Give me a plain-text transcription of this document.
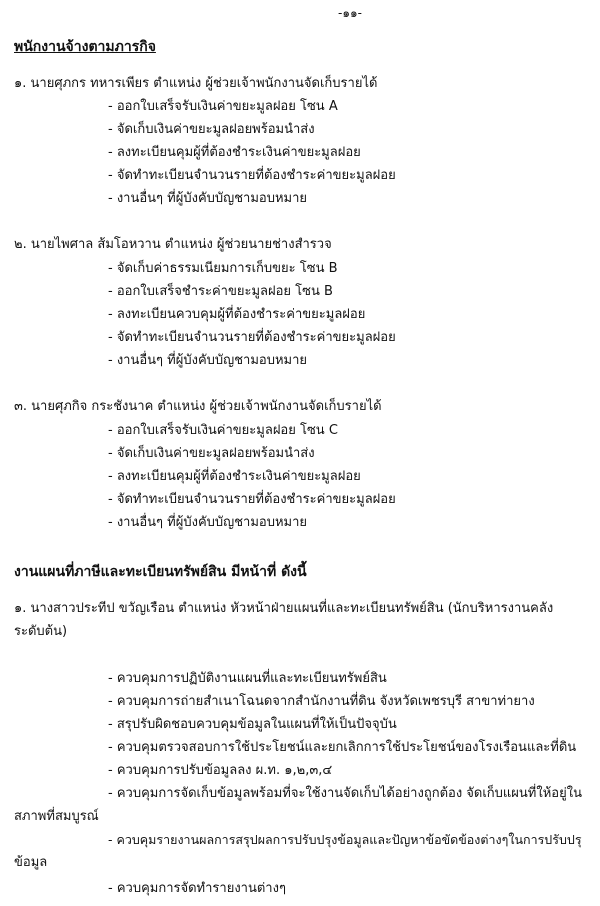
-๑๑-
พนักงานจ้างตามภารกิจ
๑. นายศุภกร ทหารเพียร ตำแหน่ง ผู้ช่วยเจ้าพนักงานจัดเก็บรายได้
- ออกใบเสร็จรับเงินค่าขยะมูลฝอย โซน A
- จัดเก็บเงินค่าขยะมูลฝอยพร้อมนำส่ง
- ลงทะเบียนคุมผู้ที่ต้องชำระเงินค่าขยะมูลฝอย
- จัดทำทะเบียนจำนวนรายที่ต้องชำระค่าขยะมูลฝอย
- งานอื่นๆ ที่ผู้บังคับบัญชามอบหมาย
๒. นายไพศาล ส้มโอหวาน ตำแหน่ง ผู้ช่วยนายช่างสำรวจ
- จัดเก็บค่าธรรมเนียมการเก็บขยะ โซน B
- ออกใบเสร็จชำระค่าขยะมูลฝอย โซน B
- ลงทะเบียนควบคุมผู้ที่ต้องชำระค่าขยะมูลฝอย
- จัดทำทะเบียนจำนวนรายที่ต้องชำระค่าขยะมูลฝอย
- งานอื่นๆ ที่ผู้บังคับบัญชามอบหมาย
๓. นายศุภกิจ กระชังนาค ตำแหน่ง ผู้ช่วยเจ้าพนักงานจัดเก็บรายได้
- ออกใบเสร็จรับเงินค่าขยะมูลฝอย โซน C
- จัดเก็บเงินค่าขยะมูลฝอยพร้อมนำส่ง
- ลงทะเบียนคุมผู้ที่ต้องชำระเงินค่าขยะมูลฝอย
- จัดทำทะเบียนจำนวนรายที่ต้องชำระค่าขยะมูลฝอย
- งานอื่นๆ ที่ผู้บังคับบัญชามอบหมาย
งานแผนที่ภาษีและทะเบียนทรัพย์สิน มีหน้าที่ ดังนี้
๑. นางสาวประทีป ขวัญเรือน ตำแหน่ง หัวหน้าฝ่ายแผนที่และทะเบียนทรัพย์สิน (นักบริหารงานคลัง
ระดับต้น)
- ควบคุมการปฏิบัติงานแผนที่และทะเบียนทรัพย์สิน
- ควบคุมการถ่ายสำเนาโฉนดจากสำนักงานที่ดิน จังหวัดเพชรบุรี สาขาท่ายาง
- สรุปรับผิดชอบควบคุมข้อมูลในแผนที่ให้เป็นปัจจุบัน
- ควบคุมตรวจสอบการใช้ประโยชน์และยกเลิกการใช้ประโยชน์ของโรงเรือนและที่ดิน
- ควบคุมการปรับข้อมูลลง ผ.ท. ๑,๒,๓,๔
- ควบคุมการจัดเก็บข้อมูลพร้อมที่จะใช้งานจัดเก็บได้อย่างถูกต้อง จัดเก็บแผนที่ให้อยู่ใน
สภาพที่สมบูรณ์
- ควบคุมรายงานผลการสรุปผลการปรับปรุงข้อมูลและปัญหาข้อขัดข้องต่างๆในการปรับปรุ
ข้อมูล
- ควบคุมการจัดทำรายงานต่างๆ
